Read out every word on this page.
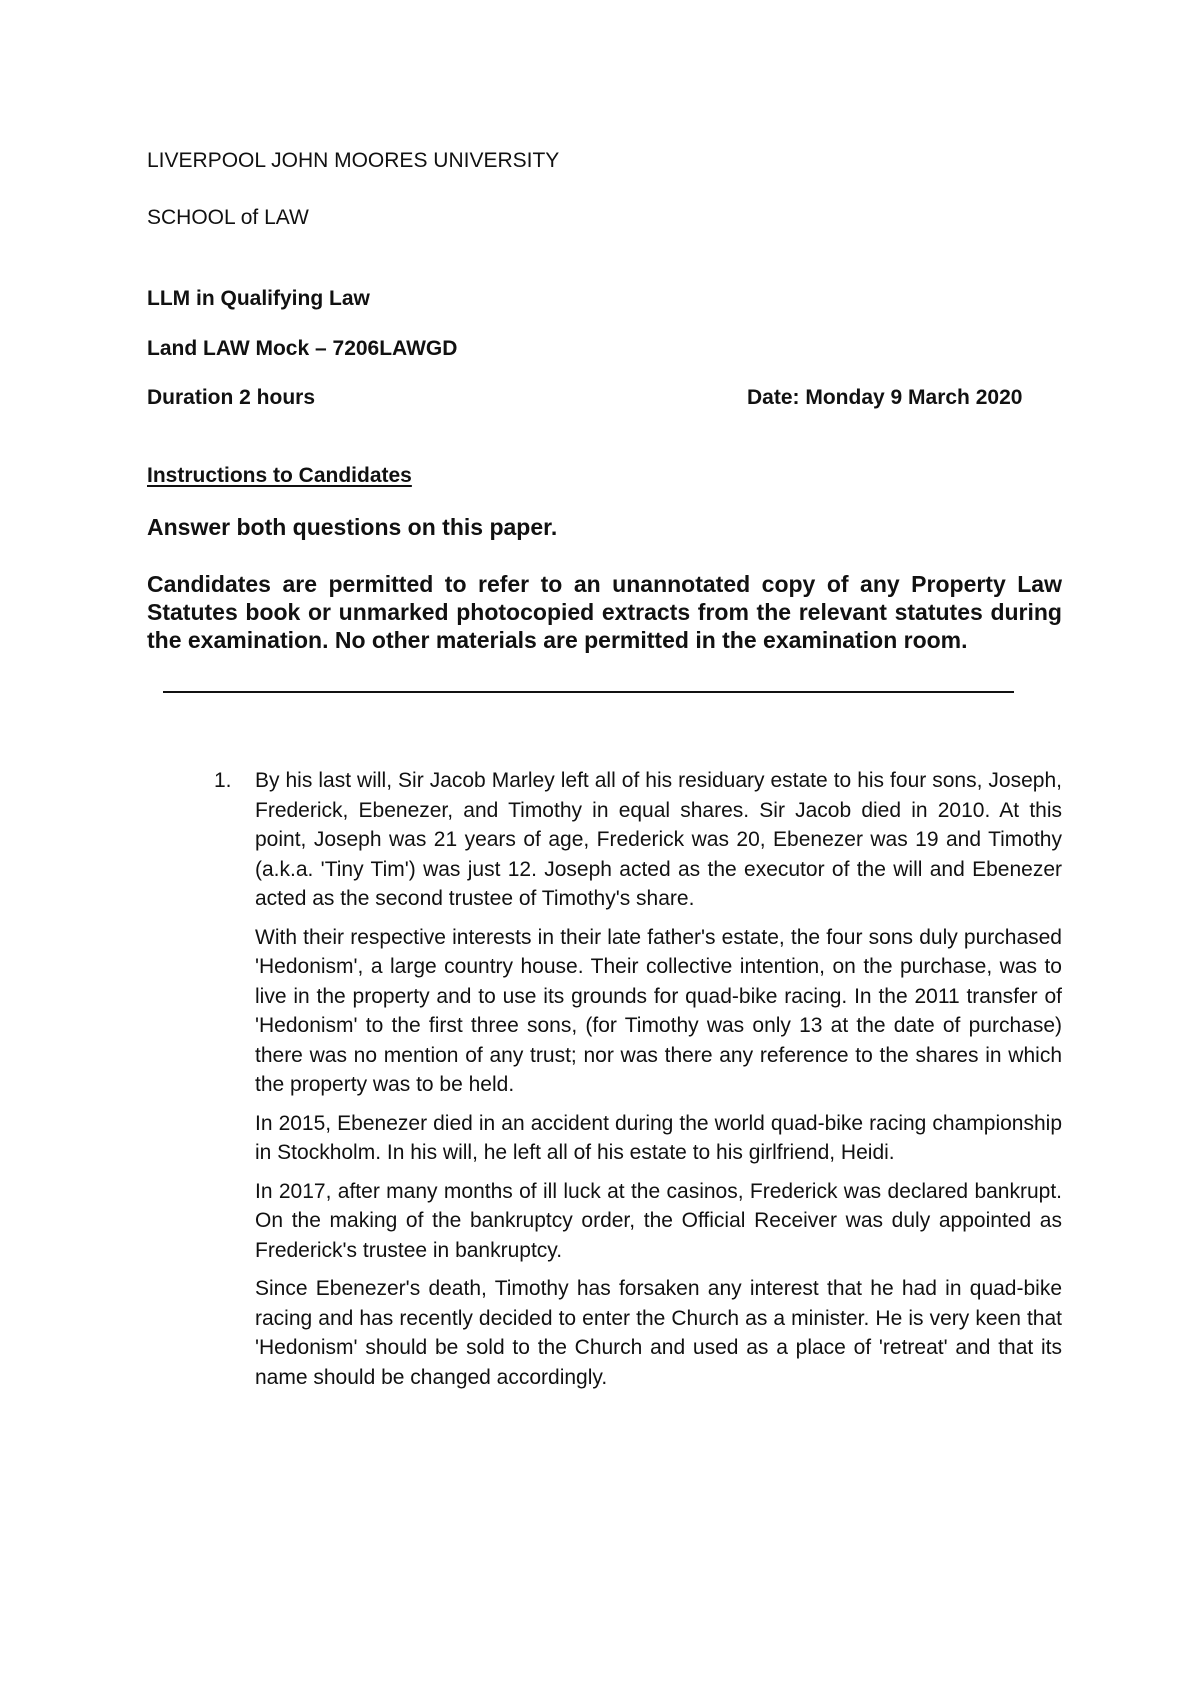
LIVERPOOL JOHN MOORES UNIVERSITY
SCHOOL of LAW
LLM in Qualifying Law
Land LAW Mock – 7206LAWGD
Duration 2 hours	Date: Monday 9 March 2020
Instructions to Candidates
Answer both questions on this paper.

Candidates are permitted to refer to an unannotated copy of any Property Law Statutes book or unmarked photocopied extracts from the relevant statutes during the examination. No other materials are permitted in the examination room.

1. By his last will, Sir Jacob Marley left all of his residuary estate to his four sons, Joseph, Frederick, Ebenezer, and Timothy in equal shares. Sir Jacob died in 2010. At this point, Joseph was 21 years of age, Frederick was 20, Ebenezer was 19 and Timothy (a.k.a. 'Tiny Tim') was just 12. Joseph acted as the executor of the will and Ebenezer acted as the second trustee of Timothy's share.

With their respective interests in their late father's estate, the four sons duly purchased 'Hedonism', a large country house. Their collective intention, on the purchase, was to live in the property and to use its grounds for quad-bike racing. In the 2011 transfer of 'Hedonism' to the first three sons, (for Timothy was only 13 at the date of purchase) there was no mention of any trust; nor was there any reference to the shares in which the property was to be held.

In 2015, Ebenezer died in an accident during the world quad-bike racing championship in Stockholm. In his will, he left all of his estate to his girlfriend, Heidi.

In 2017, after many months of ill luck at the casinos, Frederick was declared bankrupt. On the making of the bankruptcy order, the Official Receiver was duly appointed as Frederick's trustee in bankruptcy.

Since Ebenezer's death, Timothy has forsaken any interest that he had in quad-bike racing and has recently decided to enter the Church as a minister. He is very keen that 'Hedonism' should be sold to the Church and used as a place of 'retreat' and that its name should be changed accordingly.
